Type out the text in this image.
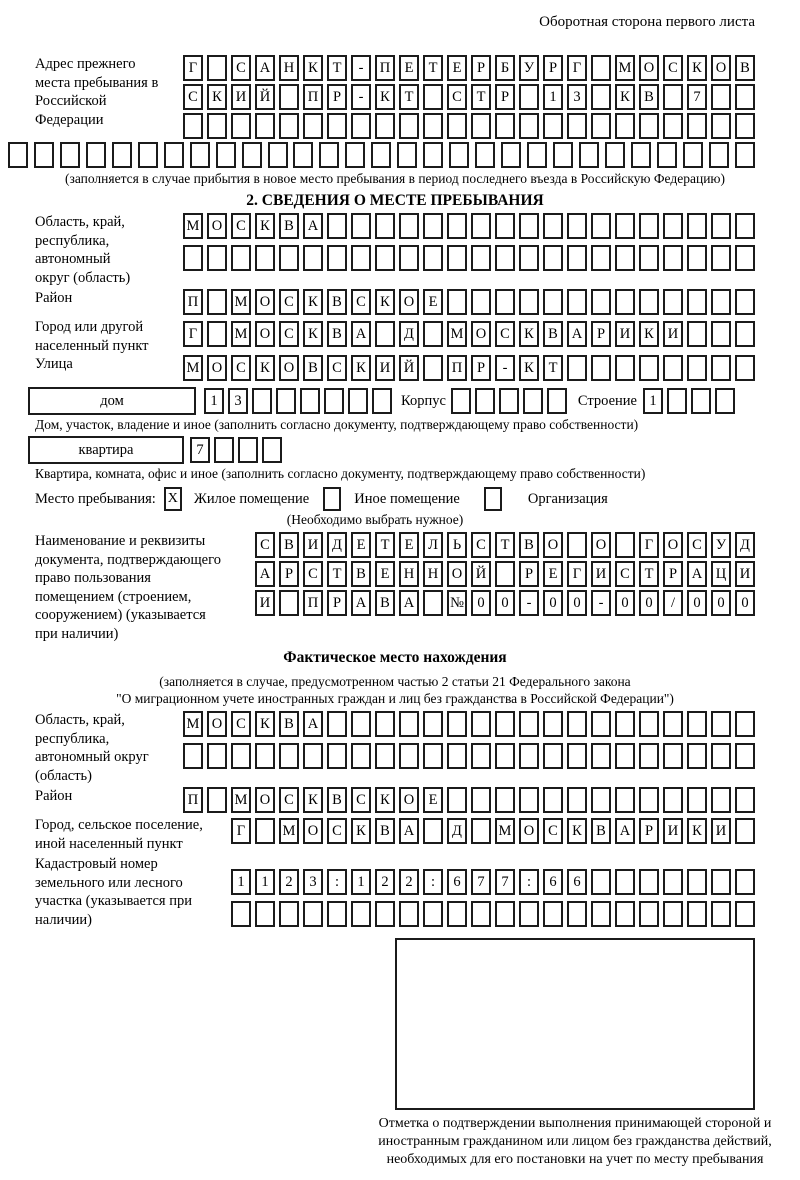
Оборотная сторона первого листа
Адрес прежнего места пребывания в Российской Федерации
Г	С А Н К	Т	-	П Е	Т	Е	Р	Б	У	Р	Г	М О С К О В
С К И Й	П	Р	-	К	Т	С	Т	Р	1	3	К В	7
(заполняется в случае прибытия в новое место пребывания в период последнего въезда в Российскую Федерацию)
2. СВЕДЕНИЯ О МЕСТЕ ПРЕБЫВАНИЯ
Область, край, республика, автономный округ (область)
М О С К В А
Район	П	М О С К В С К О Е
Город или другой населенный пункт
Г	М О С К В А	Д	М О С К В А	Р	И К И
Улица	М О С К О В С К И Й	П	Р	-	К	Т
дом	1	3	Корпус	Строение 1
Дом, участок, владение и иное (заполнить согласно документу, подтверждающему право собственности)
квартира	7
Квартира, комната, офис и иное (заполнить согласно документу, подтверждающему право собственности)
Место пребывания: X Жилое помещение	Иное помещение	Организация
(Необходимо выбрать нужное)
Наименование и реквизиты документа, подтверждающего право пользования помещением (строением, сооружением) (указывается при наличии)
С В И Д	Е	Т	Е	Л	Ь	С	Т	В О	О	Г	О С У Д
А	Р	С	Т	В	Е Н Н О Й	Р	Е	Г	И С	Т	Р	А Ц И
И	П	Р	А В А	№ 0	0	-	0	0	-	0	0	/	0	0	0
Фактическое место нахождения
(заполняется в случае, предусмотренном частью 2 статьи 21 Федерального закона
"О миграционном учете иностранных граждан и лиц без гражданства в Российской Федерации")
Область, край, республика, автономный округ (область)
М О С К В А
Район	П	М О С К В С К О Е
Город, сельское поселение, иной населенный пункт
Г	М О С К В А	Д	М О С К В А	Р	И К И
Кадастровый номер земельного или лесного участка (указывается при наличии)
1	1	2	3	:	1	2	2	:	6	7	7	:	6	6
Отметка о подтверждении выполнения принимающей стороной и иностранным гражданином или лицом без гражданства действий, необходимых для его постановки на учет по месту пребывания
